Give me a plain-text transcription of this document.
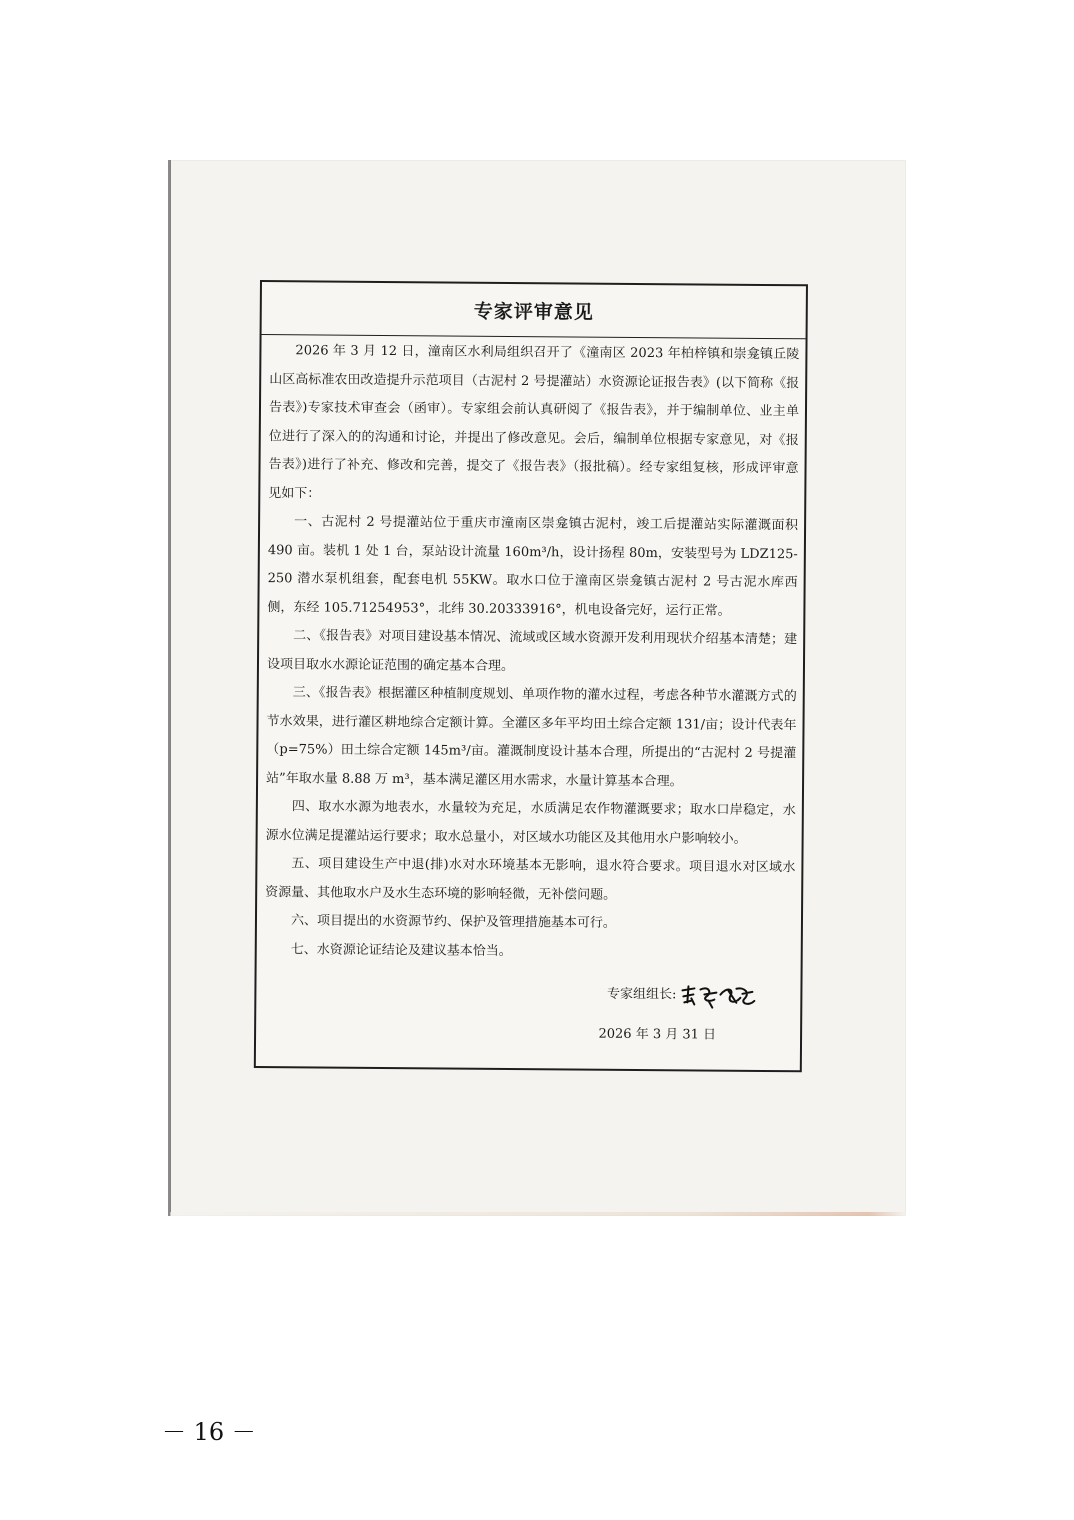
专家评审意见

2026 年 3 月 12 日，潼南区水利局组织召开了《潼南区 2023 年柏梓镇和崇龛镇丘陵山区高标准农田改造提升示范项目（古泥村 2 号提灌站）水资源论证报告表》(以下简称《报告表》)专家技术审查会（函审）。专家组会前认真研阅了《报告表》，并于编制单位、业主单位进行了深入的的沟通和讨论，并提出了修改意见。会后，编制单位根据专家意见，对《报告表》)进行了补充、修改和完善，提交了《报告表》（报批稿）。经专家组复核，形成评审意见如下：

一、古泥村 2 号提灌站位于重庆市潼南区崇龛镇古泥村，竣工后提灌站实际灌溉面积 490 亩。装机 1 处 1 台，泵站设计流量 160m³/h，设计扬程 80m，安装型号为 LDZ125-250 潜水泵机组套，配套电机 55KW。取水口位于潼南区崇龛镇古泥村 2 号古泥水库西侧，东经 105.71254953°，北纬 30.20333916°，机电设备完好，运行正常。

二、《报告表》对项目建设基本情况、流域或区域水资源开发利用现状介绍基本清楚；建设项目取水水源论证范围的确定基本合理。

三、《报告表》根据灌区种植制度规划、单项作物的灌水过程，考虑各种节水灌溉方式的节水效果，进行灌区耕地综合定额计算。全灌区多年平均田土综合定额 131/亩；设计代表年（p=75%）田土综合定额 145m³/亩。灌溉制度设计基本合理，所提出的“古泥村 2 号提灌站”年取水量 8.88 万 m³，基本满足灌区用水需求，水量计算基本合理。

四、取水水源为地表水，水量较为充足，水质满足农作物灌溉要求；取水口岸稳定，水源水位满足提灌站运行要求；取水总量小，对区域水功能区及其他用水户影响较小。

五、项目建设生产中退(排)水对水环境基本无影响，退水符合要求。项目退水对区域水资源量、其他取水户及水生态环境的影响轻微，无补偿问题。

六、项目提出的水资源节约、保护及管理措施基本可行。

七、水资源论证结论及建议基本恰当。

专家组组长:
2026 年 3 月 31 日
－ 16 －
